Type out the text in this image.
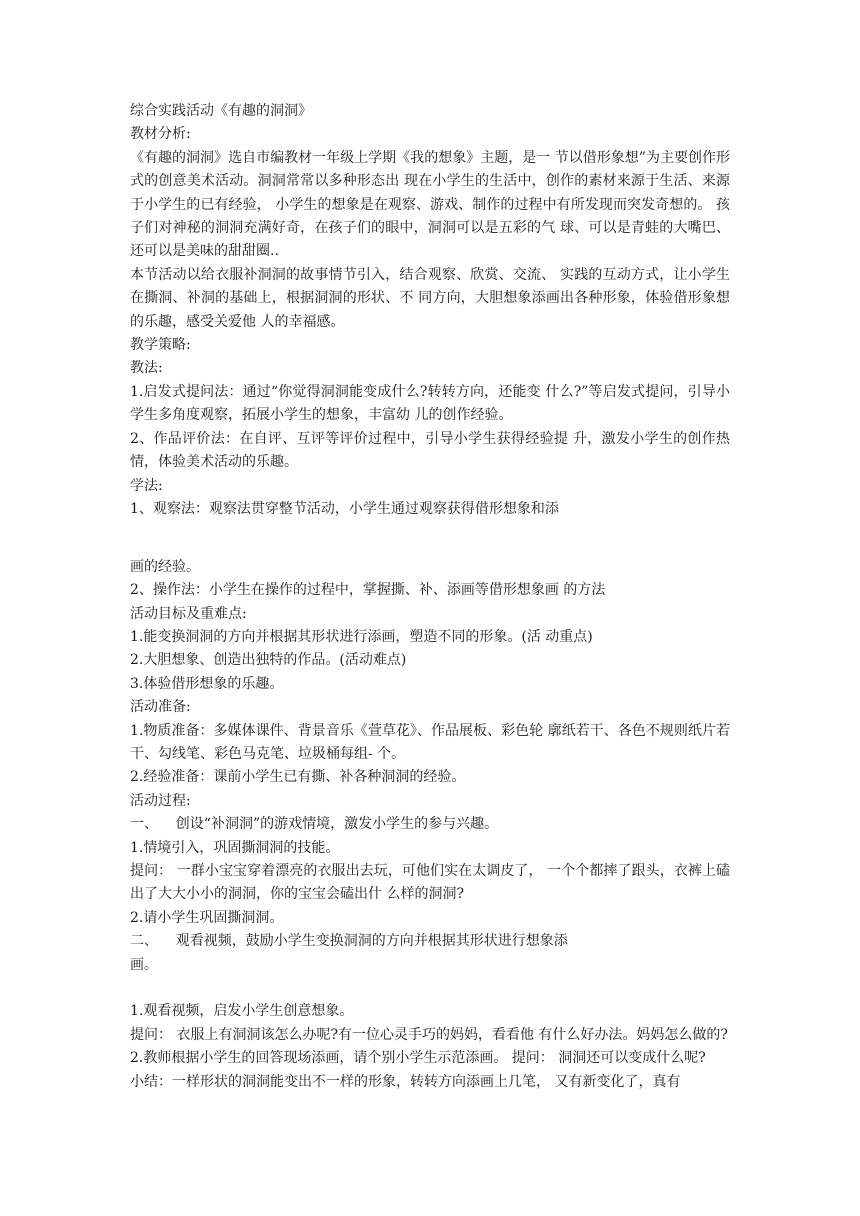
综合实践活动《有趣的洞洞》

教材分析:

《有趣的洞洞》选自市编教材一年级上学期《我的想象》主题，是一 节以借形象想”为主要创作形式的创意美术活动。洞洞常常以多种形态出 现在小学生的生活中，创作的素材来源于生活、来源于小学生的已有经验， 小学生的想象是在观察、游戏、制作的过程中有所发现而突发奇想的。 孩子们对神秘的洞洞充满好奇，在孩子们的眼中，洞洞可以是五彩的气 球、可以是青蛙的大嘴巴、还可以是美味的甜甜圈..

本节活动以给衣服补洞洞的故事情节引入，结合观察、欣赏、交流、 实践的互动方式，让小学生在撕洞、补洞的基础上，根据洞洞的形状、不 同方向，大胆想象添画出各种形象，体验借形象想的乐趣，感受关爱他 人的幸福感。

教学策略:

教法:

1.启发式提问法：通过“你觉得洞洞能变成什么?转转方向，还能变 什么?”等启发式提问，引导小学生多角度观察，拓展小学生的想象，丰富幼 儿的创作经验。

2、作品评价法：在自评、互评等评价过程中，引导小学生获得经验提 升，激发小学生的创作热情，体验美术活动的乐趣。

学法:

1、观察法：观察法贯穿整节活动，小学生通过观察获得借形想象和添

画的经验。

2、操作法：小学生在操作的过程中，掌握撕、补、添画等借形想象画 的方法

活动目标及重难点:

1.能变换洞洞的方向并根据其形状进行添画，塑造不同的形象。(活 动重点)

2.大胆想象、创造出独特的作品。(活动难点)

3.体验借形想象的乐趣。

活动准备:

1.物质准备：多媒体课件、背景音乐《萱草花》、作品展板、彩色轮 廓纸若干、各色不规则纸片若干、勾线笔、彩色马克笔、垃圾桶每组- 个。

2.经验准备：课前小学生已有撕、补各种洞洞的经验。

活动过程:

一、    创设“补洞洞”的游戏情境，激发小学生的参与兴趣。

1.情境引入，巩固撕洞洞的技能。

提问： 一群小宝宝穿着漂亮的衣服出去玩，可他们实在太调皮了， 一个个都摔了跟头，衣裤上磕出了大大小小的洞洞，你的宝宝会磕出什 么样的洞洞?

2.请小学生巩固撕洞洞。

二、    观看视频，鼓励小学生变换洞洞的方向并根据其形状进行想象添

画。

1.观看视频，启发小学生创意想象。

提问： 衣服上有洞洞该怎么办呢?有一位心灵手巧的妈妈，看看他 有什么好办法。妈妈怎么做的?

2.教师根据小学生的回答现场添画，请个别小学生示范添画。 提问： 洞洞还可以变成什么呢?

小结：一样形状的洞洞能变出不一样的形象，转转方向添画上几笔， 又有新变化了，真有
